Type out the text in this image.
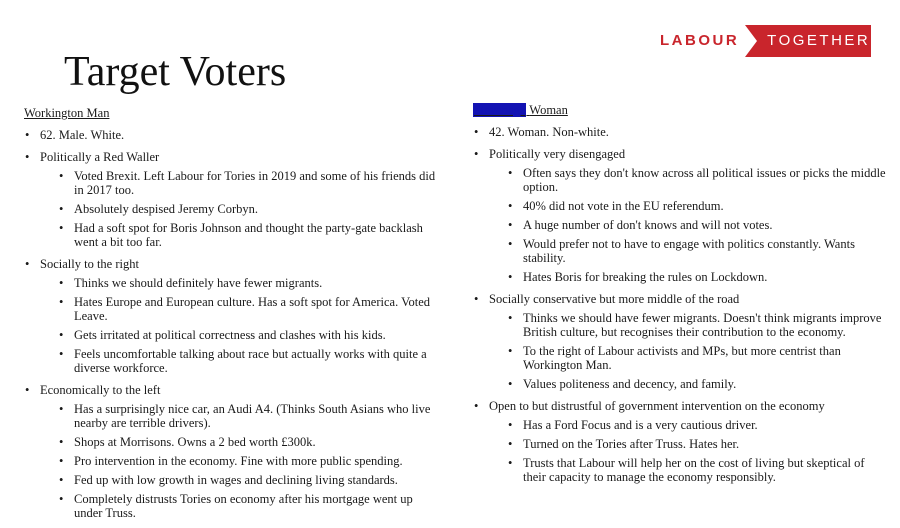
LABOUR	TOGETHER
Target Voters
Workington Man
• 62. Male. White.
• Politically a Red Waller
• Voted Brexit. Left Labour for Tories in 2019 and some of his friends did in 2017 too.
• Absolutely despised Jeremy Corbyn.
• Had a soft spot for Boris Johnson and thought the party-gate backlash went a bit too far.
• Socially to the right
• Thinks we should definitely have fewer migrants.
• Hates Europe and European culture. Has a soft spot for America. Voted Leave.
• Gets irritated at political correctness and clashes with his kids.
• Feels uncomfortable talking about race but actually works with quite a diverse workforce.
• Economically to the left
• Has a surprisingly nice car, an Audi A4. (Thinks South Asians who live nearby are terrible drivers).
• Shops at Morrisons. Owns a 2 bed worth £300k.
• Pro intervention in the economy. Fine with more public spending.
• Fed up with low growth in wages and declining living standards.
• Completely distrusts Tories on economy after his mortgage went up under Truss.
Stevenage Woman
• 42. Woman. Non-white.
• Politically very disengaged
• Often says they don't know across all political issues or picks the middle option.
• 40% did not vote in the EU referendum.
• A huge number of don't knows and will not votes.
• Would prefer not to have to engage with politics constantly. Wants stability.
• Hates Boris for breaking the rules on Lockdown.
• Socially conservative but more middle of the road
• Thinks we should have fewer migrants. Doesn't think migrants improve British culture, but recognises their contribution to the economy.
• To the right of Labour activists and MPs, but more centrist than Workington Man.
• Values politeness and decency, and family.
• Open to but distrustful of government intervention on the economy
• Has a Ford Focus and is a very cautious driver.
• Turned on the Tories after Truss. Hates her.
• Trusts that Labour will help her on the cost of living but skeptical of their capacity to manage the economy responsibly.
